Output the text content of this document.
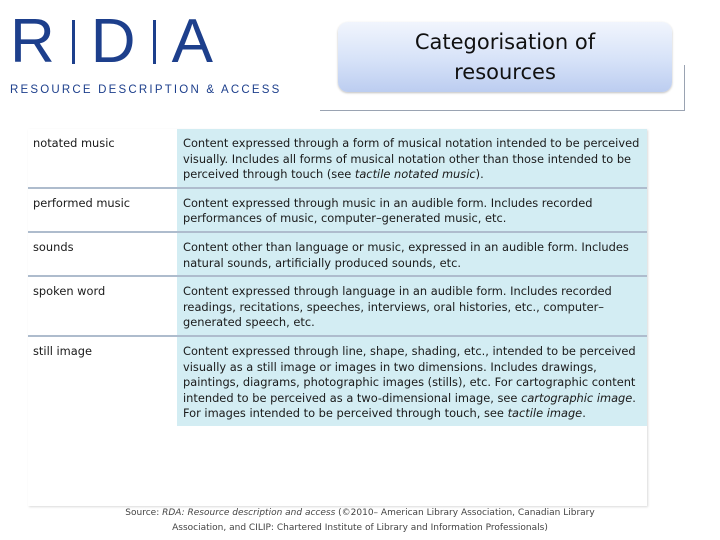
R D A
RESOURCE DESCRIPTION & ACCESS
Categorisation of resources
notated music	Content expressed through a form of musical notation intended to be perceived visually. Includes all forms of musical notation other than those intended to be perceived through touch (see tactile notated music).
performed music	Content expressed through music in an audible form. Includes recorded performances of music, computer–generated music, etc.
sounds	Content other than language or music, expressed in an audible form. Includes natural sounds, artificially produced sounds, etc.
spoken word	Content expressed through language in an audible form. Includes recorded readings, recitations, speeches, interviews, oral histories, etc., computer–generated speech, etc.
still image	Content expressed through line, shape, shading, etc., intended to be perceived visually as a still image or images in two dimensions. Includes drawings, paintings, diagrams, photographic images (stills), etc. For cartographic content intended to be perceived as a two-dimensional image, see cartographic image. For images intended to be perceived through touch, see tactile image.
Source: RDA: Resource description and access (©2010– American Library Association, Canadian Library Association, and CILIP: Chartered Institute of Library and Information Professionals)
